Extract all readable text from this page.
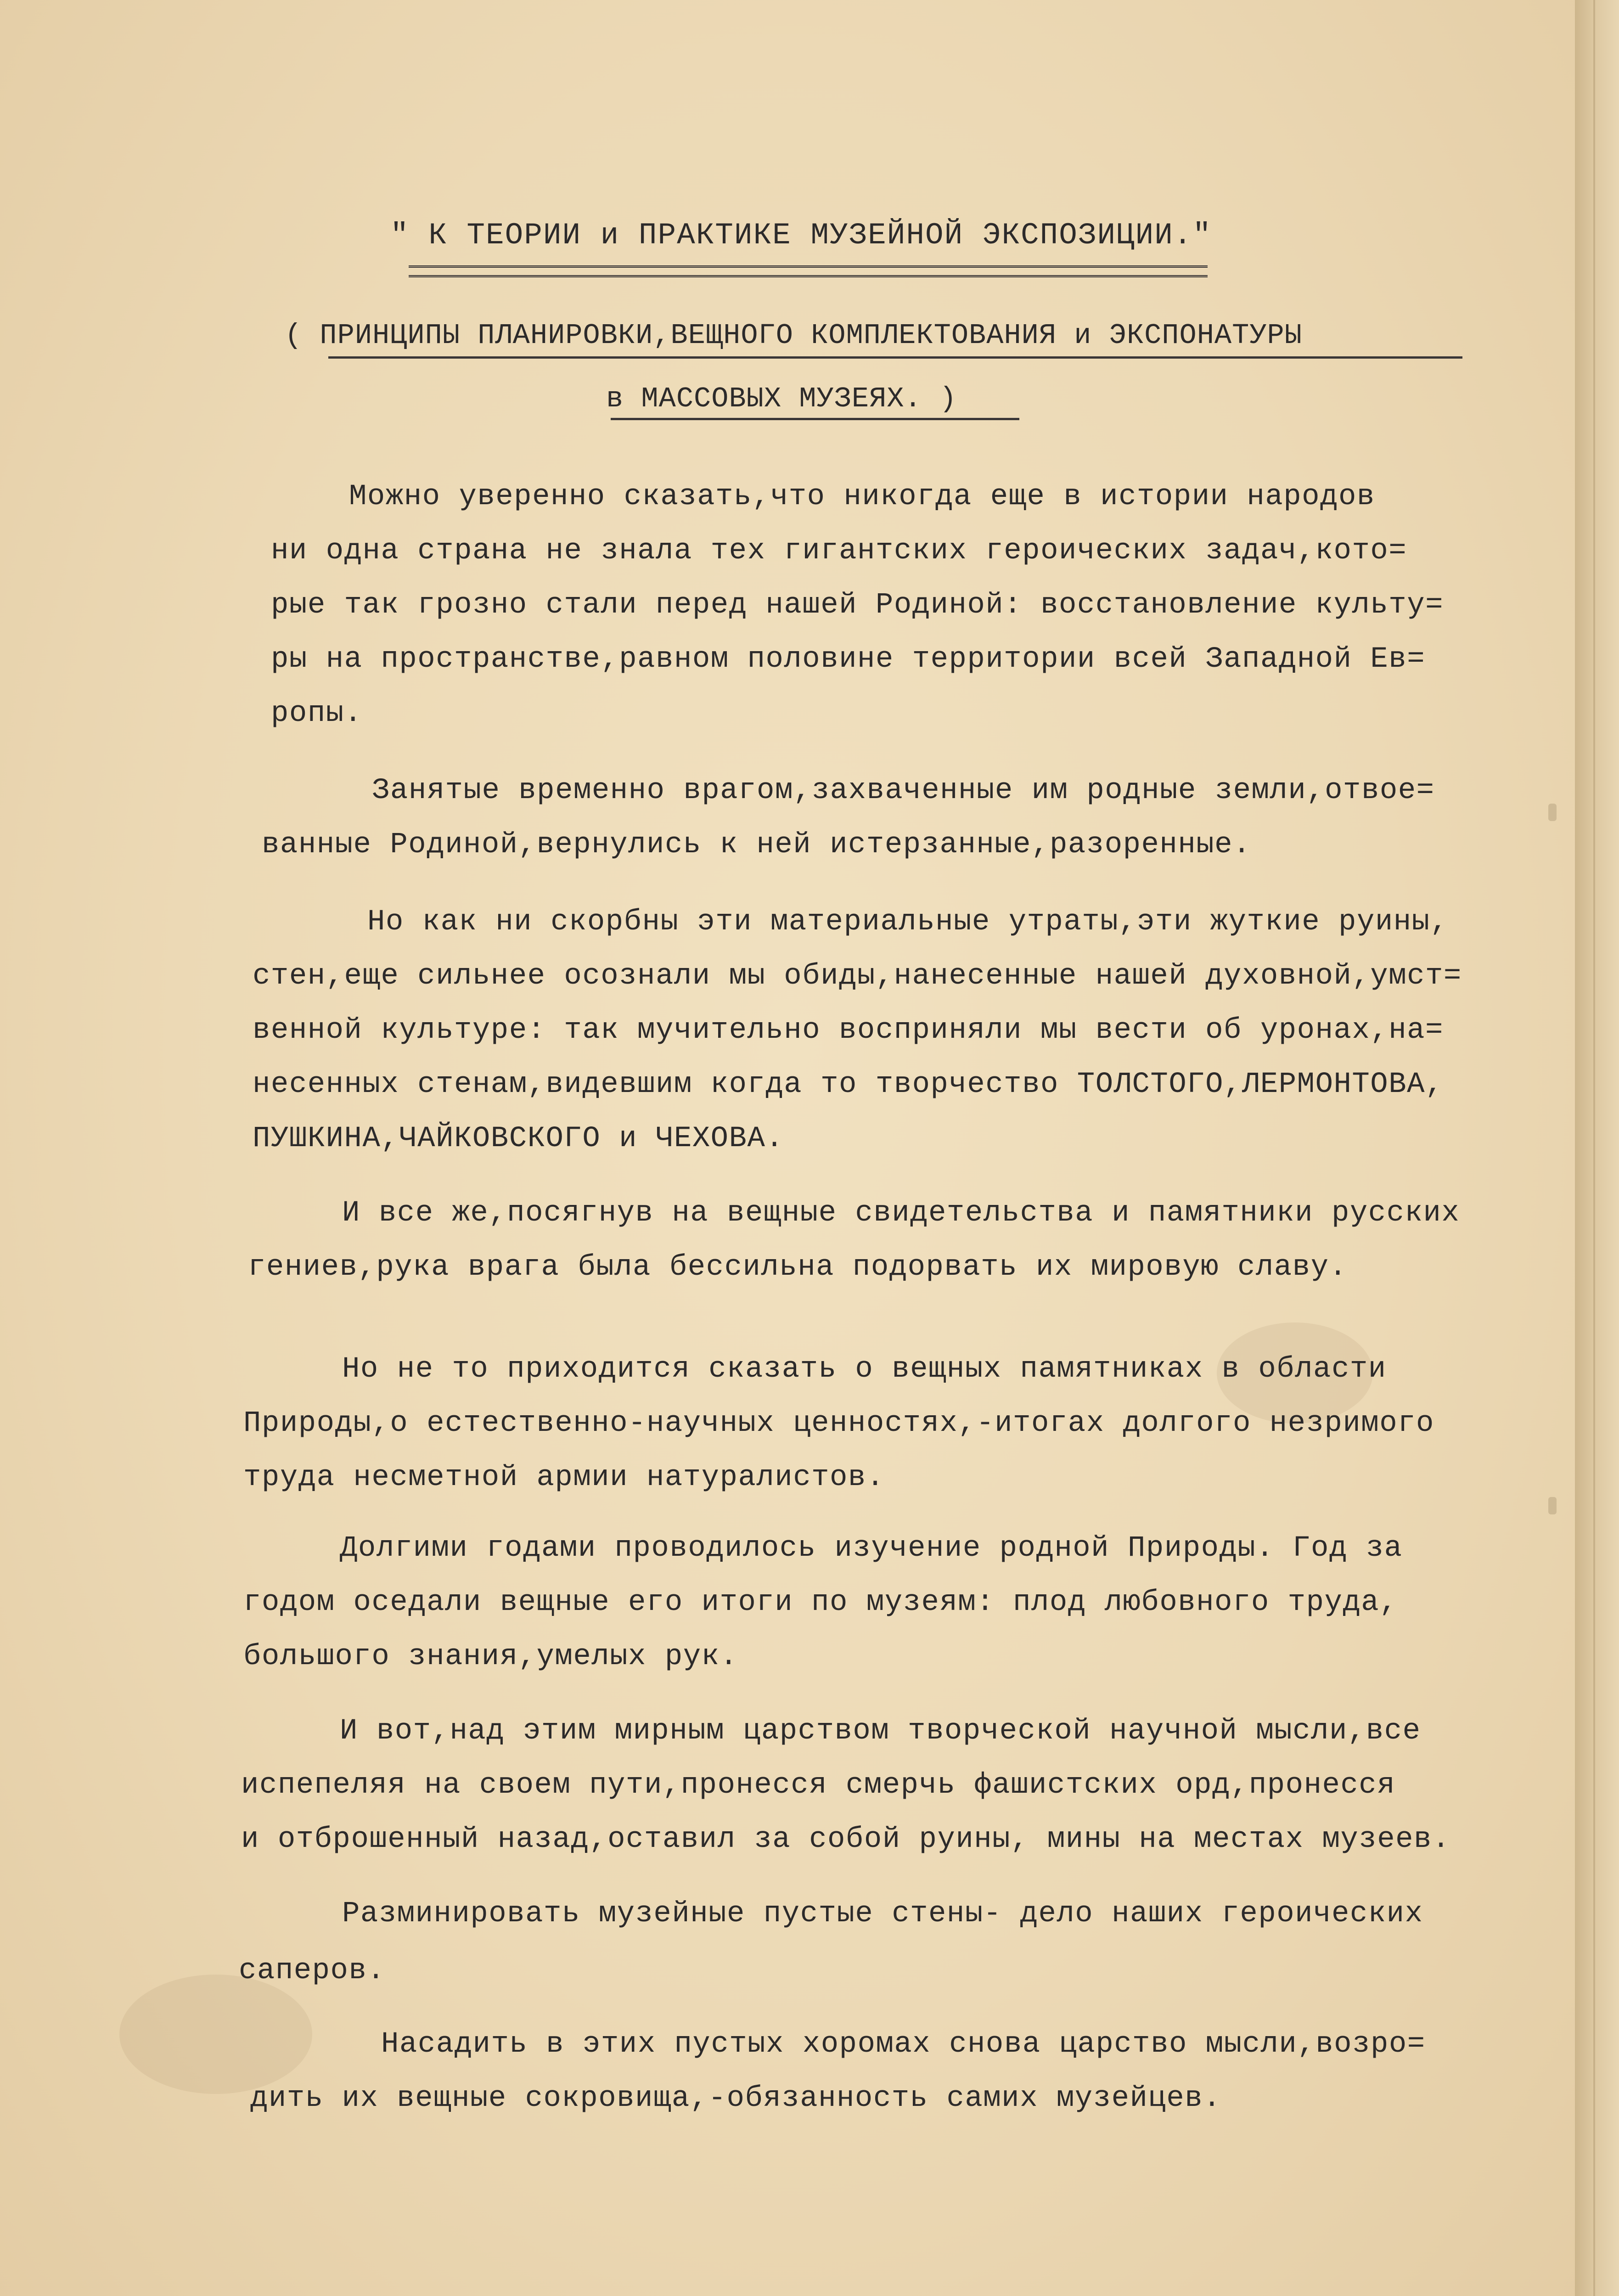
" К ТЕОРИИ и ПРАКТИКЕ МУЗЕЙНОЙ ЭКСПОЗИЦИИ."
( ПРИНЦИПЫ ПЛАНИРОВКИ,ВЕЩНОГО КОМПЛЕКТОВАНИЯ и ЭКСПОНАТУРЫ
в МАССОВЫХ МУЗЕЯХ. )
Можно уверенно сказать,что никогда еще в истории народов
ни одна страна не знала тех гигантских героических задач,кото=
рые так грозно стали перед нашей Родиной: восстановление культу=
ры на пространстве,равном половине территории всей Западной Ев=
ропы.
Занятые временно врагом,захваченные им родные земли,отвое=
ванные Родиной,вернулись к ней истерзанные,разоренные.
Но как ни скорбны эти материальные утраты,эти жуткие руины,
стен,еще сильнее осознали мы обиды,нанесенные нашей духовной,умст=
венной культуре: так мучительно восприняли мы вести об уронах,на=
несенных стенам,видевшим когда то творчество ТОЛСТОГО,ЛЕРМОНТОВА,
ПУШКИНА,ЧАЙКОВСКОГО и ЧЕХОВА.
И все же,посягнув на вещные свидетельства и памятники русских
гениев,рука врага была бессильна подорвать их мировую славу.
Но не то приходится сказать о вещных памятниках в области
Природы,о естественно-научных ценностях,-итогах долгого незримого
труда несметной армии натуралистов.
Долгими годами проводилось изучение родной Природы. Год за
годом оседали вещные его итоги по музеям: плод любовного труда,
большого знания,умелых рук.
И вот,над этим мирным царством творческой научной мысли,все
испепеляя на своем пути,пронесся смерчь фашистских орд,пронесся
и отброшенный назад,оставил за собой руины, мины на местах музеев.
Разминировать музейные пустые стены- дело наших героических
саперов.
Насадить в этих пустых хоромах снова царство мысли,возро=
дить их вещные сокровища,-обязанность самих музейцев.
